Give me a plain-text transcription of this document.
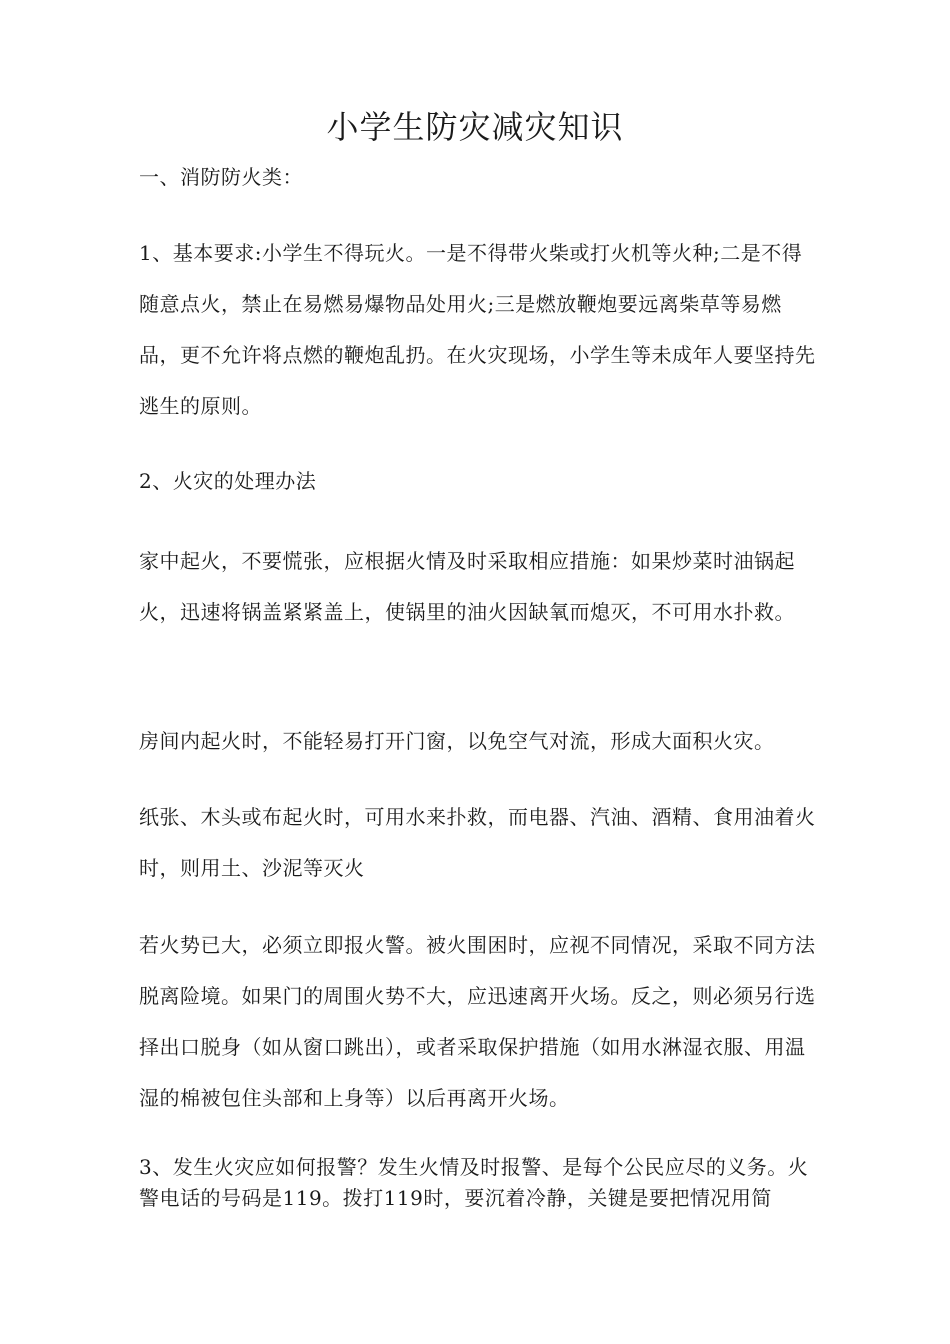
小学生防灾减灾知识

一、消防防火类：

1、基本要求:小学生不得玩火。一是不得带火柴或打火机等火种;二是不得随意点火，禁止在易燃易爆物品处用火;三是燃放鞭炮要远离柴草等易燃品，更不允许将点燃的鞭炮乱扔。在火灾现场，小学生等未成年人要坚持先逃生的原则。

2、火灾的处理办法

家中起火，不要慌张，应根据火情及时采取相应措施：如果炒菜时油锅起火，迅速将锅盖紧紧盖上，使锅里的油火因缺氧而熄灭，不可用水扑救。

房间内起火时，不能轻易打开门窗，以免空气对流，形成大面积火灾。

纸张、木头或布起火时，可用水来扑救，而电器、汽油、酒精、食用油着火时，则用土、沙泥等灭火

若火势已大，必须立即报火警。被火围困时，应视不同情况，采取不同方法脱离险境。如果门的周围火势不大，应迅速离开火场。反之，则必须另行选择出口脱身（如从窗口跳出），或者采取保护措施（如用水淋湿衣服、用温湿的棉被包住头部和上身等）以后再离开火场。

3、发生火灾应如何报警？发生火情及时报警、是每个公民应尽的义务。火警电话的号码是119。拨打119时，要沉着冷静，关键是要把情况用简
